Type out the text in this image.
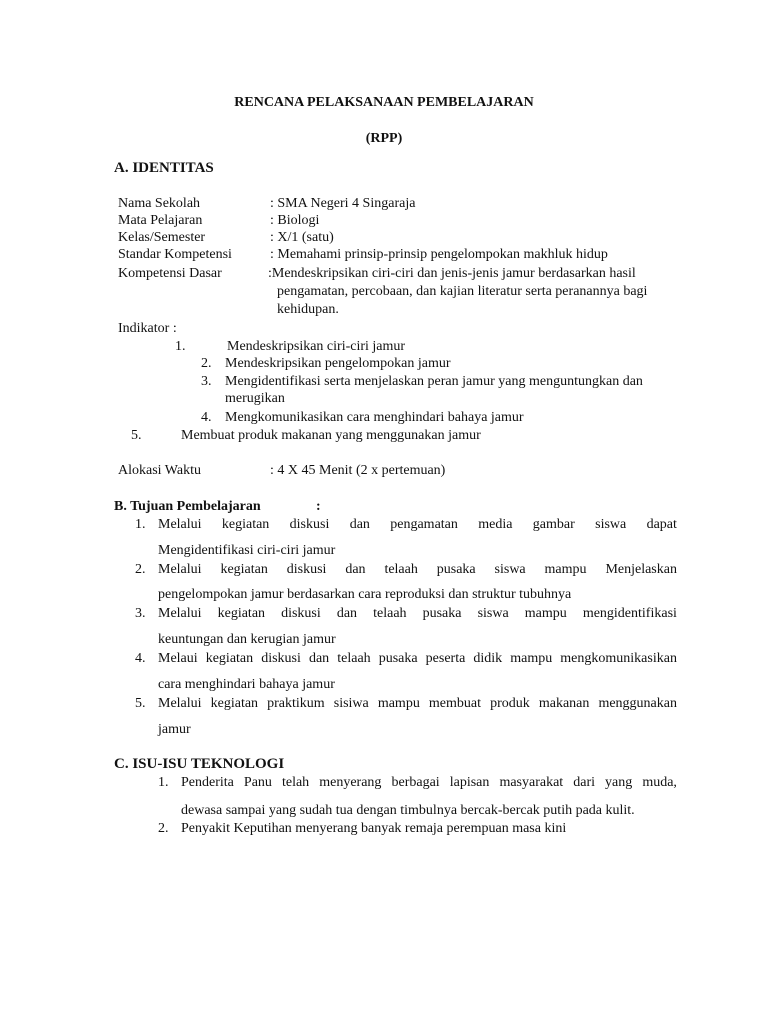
RENCANA PELAKSANAAN PEMBELAJARAN
(RPP)
A. IDENTITAS
Nama Sekolah	: SMA Negeri 4 Singaraja
Mata Pelajaran	: Biologi
Kelas/Semester	: X/1 (satu)
Standar Kompetensi	: Memahami prinsip-prinsip pengelompokan makhluk hidup
Kompetensi Dasar	:Mendeskripsikan ciri-ciri dan jenis-jenis jamur berdasarkan hasil
pengamatan, percobaan, dan kajian literatur serta peranannya bagi
kehidupan.
Indikator :
1.	Mendeskripsikan ciri-ciri jamur
2. Mendeskripsikan pengelompokan jamur
3. Mengidentifikasi serta menjelaskan peran jamur yang menguntungkan dan
merugikan
4. Mengkomunikasikan cara menghindari bahaya jamur
5.	Membuat produk makanan yang menggunakan jamur
Alokasi Waktu	: 4 X 45 Menit (2 x pertemuan)
B. Tujuan Pembelajaran	:
1. Melalui kegiatan diskusi dan pengamatan media gambar siswa dapat
Mengidentifikasi ciri-ciri jamur
2. Melalui kegiatan diskusi dan telaah pusaka siswa mampu Menjelaskan
pengelompokan jamur berdasarkan cara reproduksi dan struktur tubuhnya
3. Melalui kegiatan diskusi dan telaah pusaka siswa mampu mengidentifikasi
keuntungan dan kerugian jamur
4. Melaui kegiatan diskusi dan telaah pusaka peserta didik mampu mengkomunikasikan
cara menghindari bahaya jamur
5. Melalui kegiatan praktikum sisiwa mampu membuat produk makanan menggunakan
jamur
C. ISU-ISU TEKNOLOGI
1. Penderita Panu telah menyerang berbagai lapisan masyarakat dari yang muda,
dewasa sampai yang sudah tua dengan timbulnya bercak-bercak putih pada kulit.
2. Penyakit Keputihan menyerang banyak remaja perempuan masa kini
